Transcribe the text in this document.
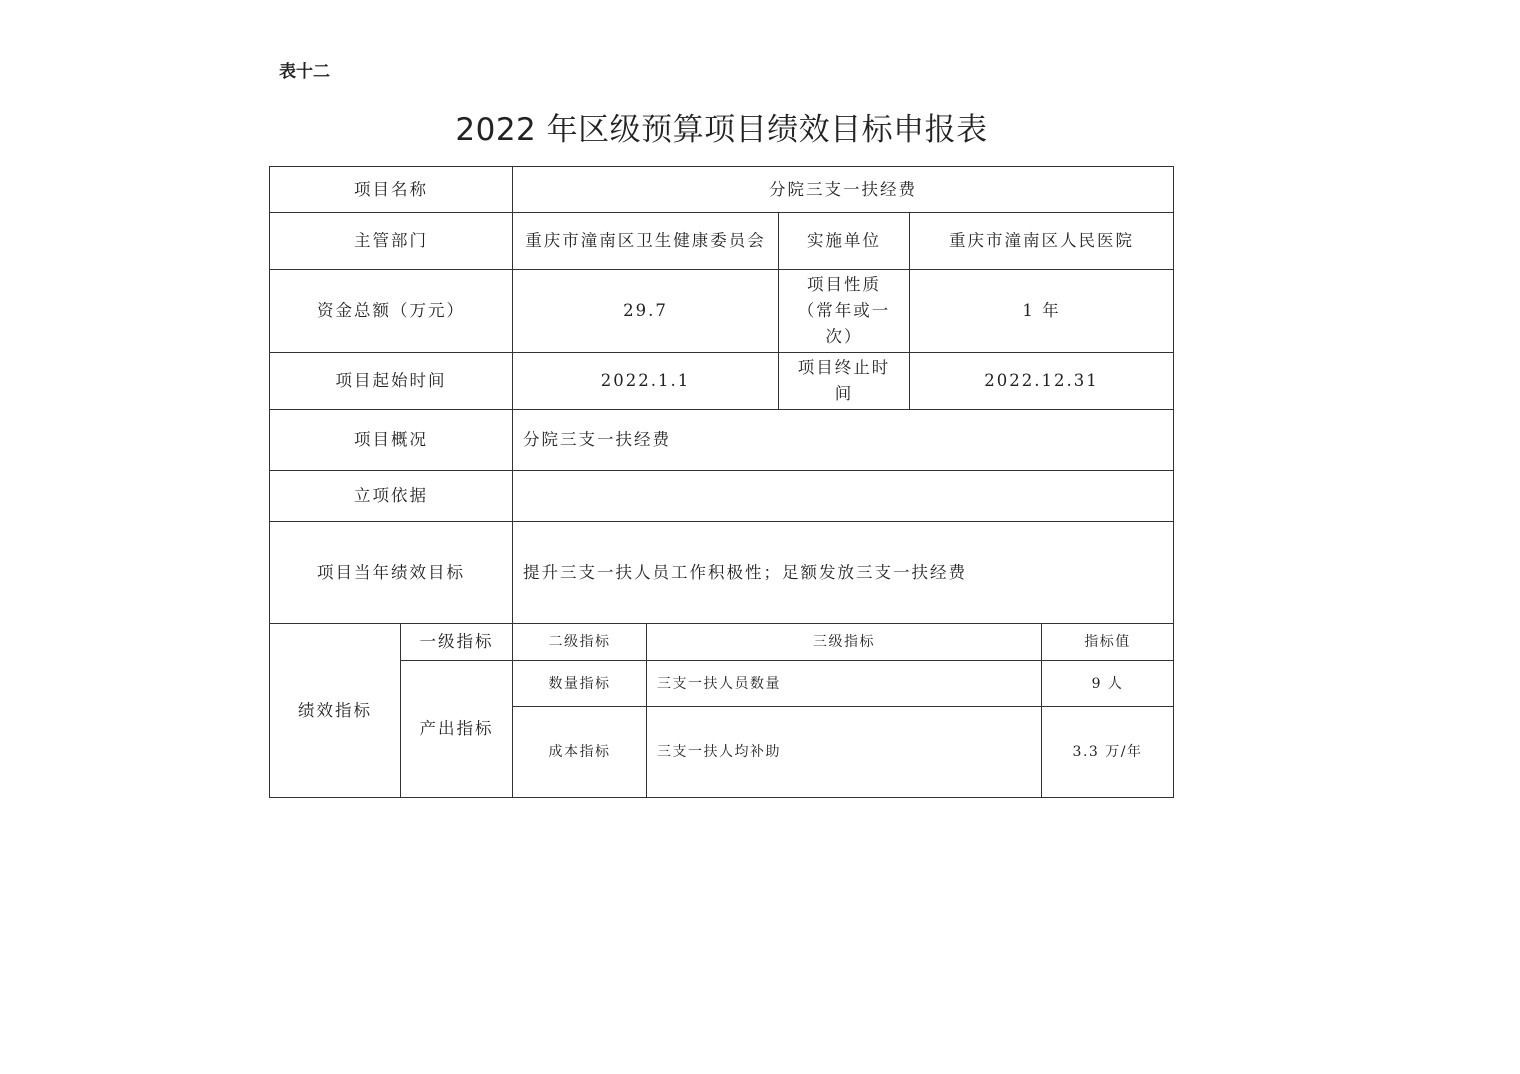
表十二
2022 年区级预算项目绩效目标申报表
项目名称		分院三支一扶经费				
主管部门		重庆市潼南区卫生健康委员会		实施单位	重庆市潼南区人民医院	
资金总额（万元）		29.7		项目性质（常年或一次）	1 年	
项目起始时间		2022.1.1		项目终止时间	2022.12.31	
项目概况		分院三支一扶经费				
立项依据						
项目当年绩效目标		提升三支一扶人员工作积极性；足额发放三支一扶经费				
绩效指标	一级指标	二级指标	三级指标			指标值
	产出指标	数量指标	三支一扶人员数量			9 人
		成本指标	三支一扶人均补助			3.3 万/年
